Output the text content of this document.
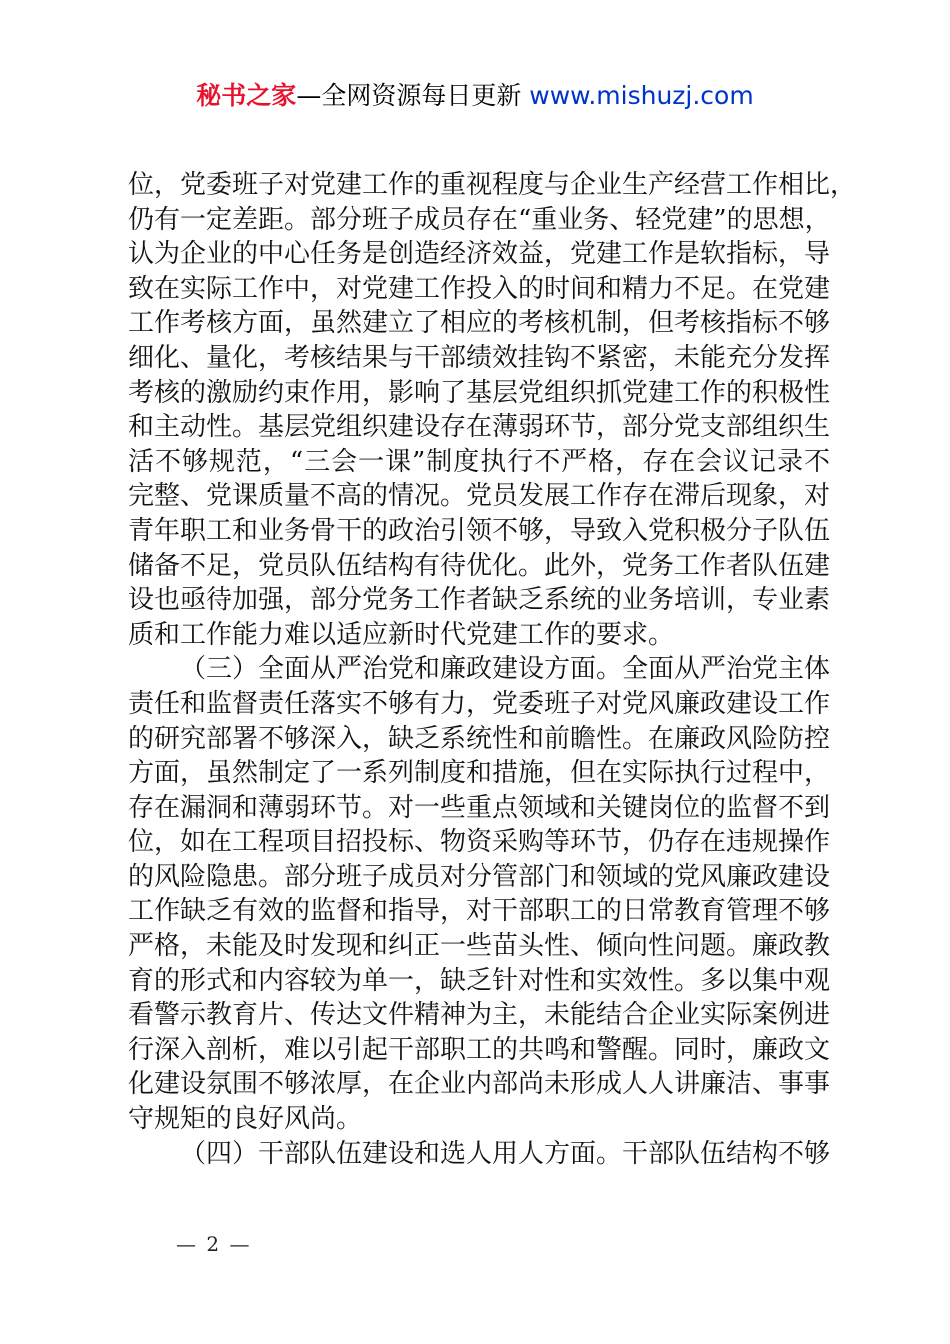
秘书之家—全网资源每日更新 www.mishuzj.com
位，党委班子对党建工作的重视程度与企业生产经营工作相比，
仍有一定差距。部分班子成员存在“重业务、轻党建”的思想，
认为企业的中心任务是创造经济效益，党建工作是软指标，导
致在实际工作中，对党建工作投入的时间和精力不足。在党建
工作考核方面，虽然建立了相应的考核机制，但考核指标不够
细化、量化，考核结果与干部绩效挂钩不紧密，未能充分发挥
考核的激励约束作用，影响了基层党组织抓党建工作的积极性
和主动性。基层党组织建设存在薄弱环节，部分党支部组织生
活不够规范，“三会一课”制度执行不严格，存在会议记录不
完整、党课质量不高的情况。党员发展工作存在滞后现象，对
青年职工和业务骨干的政治引领不够，导致入党积极分子队伍
储备不足，党员队伍结构有待优化。此外，党务工作者队伍建
设也亟待加强，部分党务工作者缺乏系统的业务培训，专业素
质和工作能力难以适应新时代党建工作的要求。
（三）全面从严治党和廉政建设方面。全面从严治党主体
责任和监督责任落实不够有力，党委班子对党风廉政建设工作
的研究部署不够深入，缺乏系统性和前瞻性。在廉政风险防控
方面，虽然制定了一系列制度和措施，但在实际执行过程中，
存在漏洞和薄弱环节。对一些重点领域和关键岗位的监督不到
位，如在工程项目招投标、物资采购等环节，仍存在违规操作
的风险隐患。部分班子成员对分管部门和领域的党风廉政建设
工作缺乏有效的监督和指导，对干部职工的日常教育管理不够
严格，未能及时发现和纠正一些苗头性、倾向性问题。廉政教
育的形式和内容较为单一，缺乏针对性和实效性。多以集中观
看警示教育片、传达文件精神为主，未能结合企业实际案例进
行深入剖析，难以引起干部职工的共鸣和警醒。同时，廉政文
化建设氛围不够浓厚，在企业内部尚未形成人人讲廉洁、事事
守规矩的良好风尚。
（四）干部队伍建设和选人用人方面。干部队伍结构不够
— 2 —
